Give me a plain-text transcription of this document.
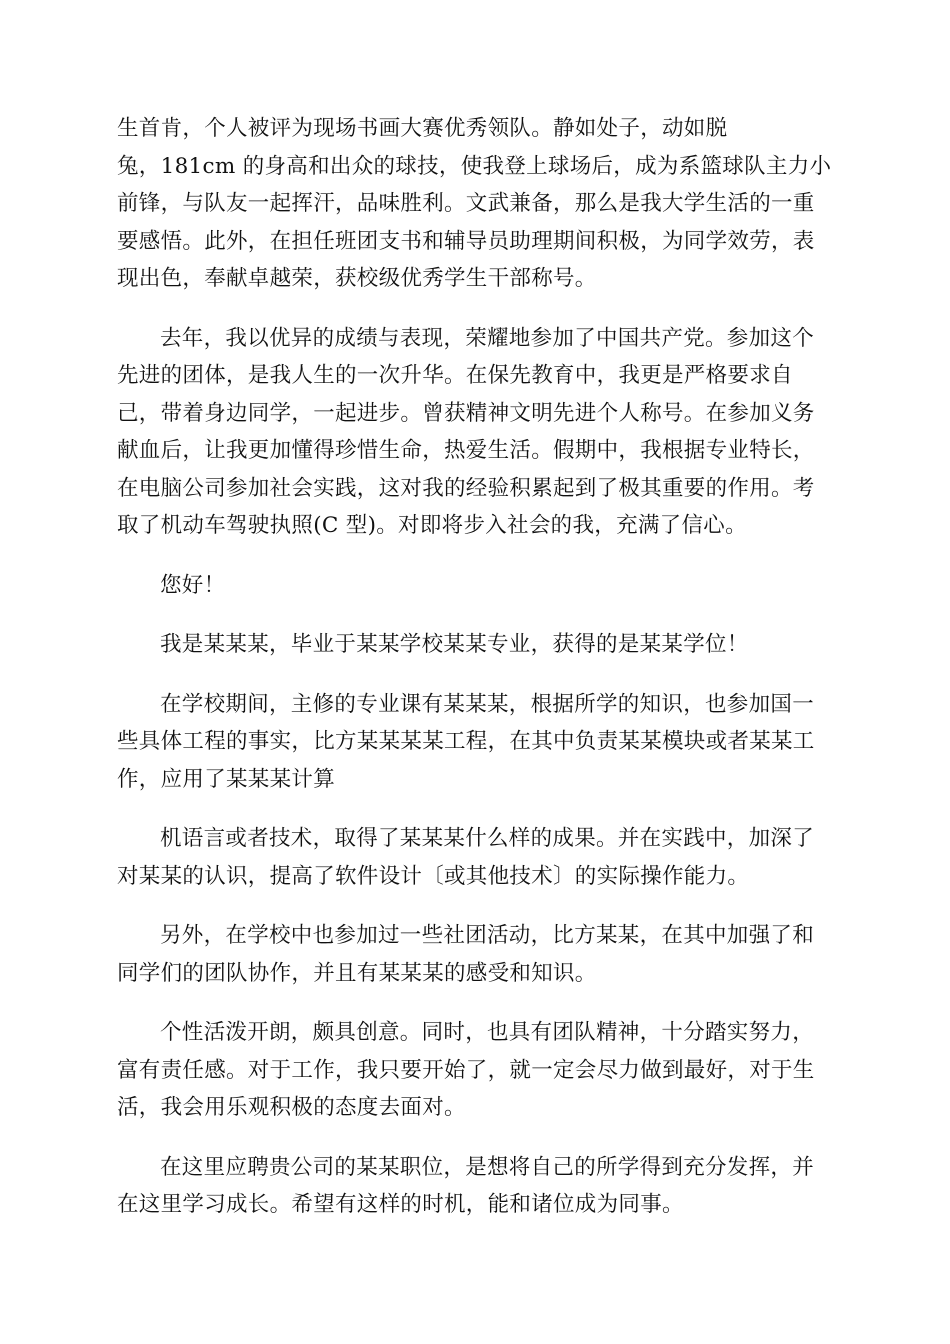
生首肯，个人被评为现场书画大赛优秀领队。静如处子，动如脱
兔，181cm 的身高和出众的球技，使我登上球场后，成为系篮球队主力小
前锋，与队友一起挥汗，品味胜利。文武兼备，那么是我大学生活的一重
要感悟。此外，在担任班团支书和辅导员助理期间积极，为同学效劳，表
现出色，奉献卓越荣，获校级优秀学生干部称号。
去年，我以优异的成绩与表现，荣耀地参加了中国共产党。参加这个
先进的团体，是我人生的一次升华。在保先教育中，我更是严格要求自
己，带着身边同学，一起进步。曾获精神文明先进个人称号。在参加义务
献血后，让我更加懂得珍惜生命，热爱生活。假期中，我根据专业特长，
在电脑公司参加社会实践，这对我的经验积累起到了极其重要的作用。考
取了机动车驾驶执照(C 型)。对即将步入社会的我，充满了信心。
您好！
我是某某某，毕业于某某学校某某专业，获得的是某某学位！
在学校期间，主修的专业课有某某某，根据所学的知识，也参加国一
些具体工程的事实，比方某某某某工程，在其中负责某某模块或者某某工
作，应用了某某某计算
机语言或者技术，取得了某某某什么样的成果。并在实践中，加深了
对某某的认识，提高了软件设计〔或其他技术〕的实际操作能力。
另外，在学校中也参加过一些社团活动，比方某某，在其中加强了和
同学们的团队协作，并且有某某某的感受和知识。
个性活泼开朗，颇具创意。同时，也具有团队精神，十分踏实努力，
富有责任感。对于工作，我只要开始了，就一定会尽力做到最好，对于生
活，我会用乐观积极的态度去面对。
在这里应聘贵公司的某某职位，是想将自己的所学得到充分发挥，并
在这里学习成长。希望有这样的时机，能和诸位成为同事。
